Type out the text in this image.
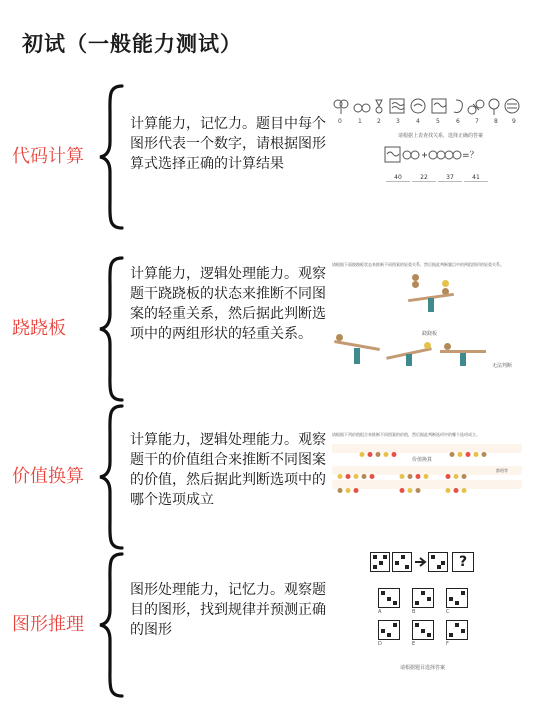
初试（一般能力测试）
代码计算
计算能力，记忆力。题目中每个图形代表一个数字，请根据图形算式选择正确的计算结果
0	1	2	3	4	5	6	7	8 9
请根据上表查找关系，选择正确的答案
=？
40	22	37	41
跷跷板
计算能力，逻辑处理能力。观察题干跷跷板的状态来推断不同图案的轻重关系，然后据此判断选项中的两组形状的轻重关系。
请根据下面跷跷板状态来推断不同图案的轻重关系，然后据此判断题目中的两组图形的轻重关系。
跷跷板
无法判断
价值换算
计算能力，逻辑处理能力。观察题干的价值组合来推断不同图案的价值，然后据此判断选项中的哪个选项成立
请根据下列价值组合来推断不同图案的价值，然后据此判断选项中的哪个选项成立。
价值换算
都相等
图形推理
图形处理能力，记忆力。观察题目的图形，找到规律并预测正确的图形
?
A	B	C
D	E	F
请根据题目选择答案
